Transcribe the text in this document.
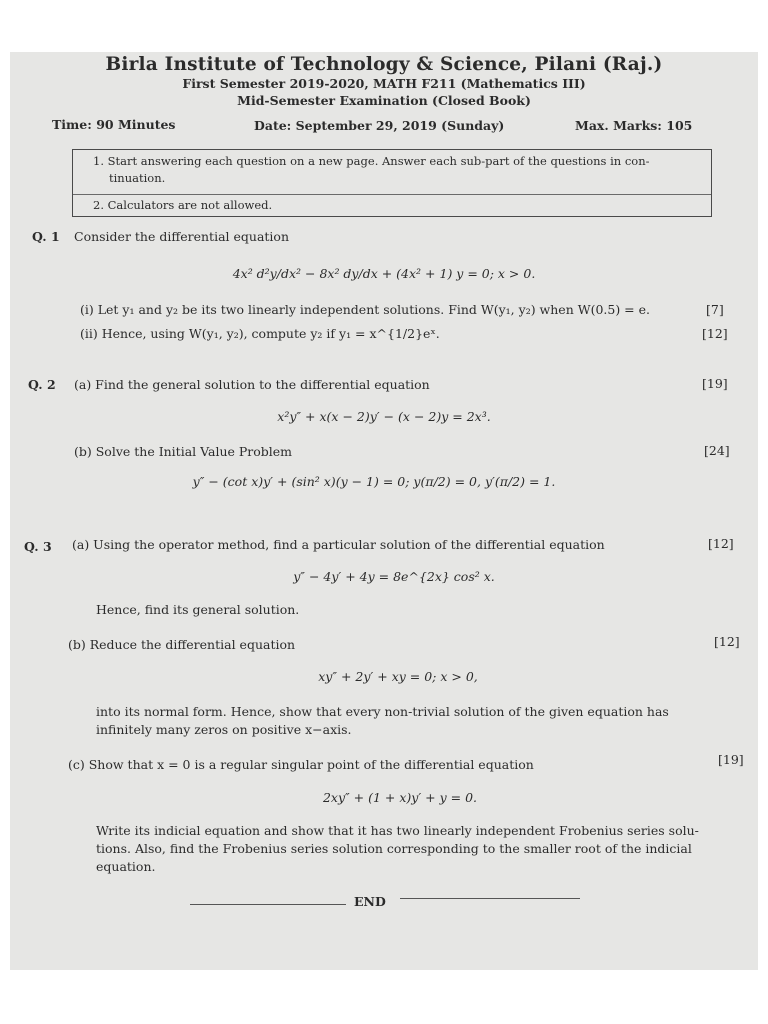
Birla Institute of Technology & Science, Pilani (Raj.)
First Semester 2019-2020, MATH F211 (Mathematics III)
Mid-Semester Examination (Closed Book)
Time: 90 Minutes	Date: September 29, 2019 (Sunday)	Max. Marks: 105
1. Start answering each question on a new page. Answer each sub-part of the questions in con-
tinuation.
2. Calculators are not allowed.
Q. 1 Consider the differential equation
4x² d²y/dx² − 8x² dy/dx + (4x² + 1) y = 0; x > 0.
(i) Let y₁ and y₂ be its two linearly independent solutions. Find W(y₁, y₂) when W(0.5) = e.	[7]
(ii) Hence, using W(y₁, y₂), compute y₂ if y₁ = x^{1/2}eˣ.	[12]
Q. 2 (a) Find the general solution to the differential equation	[19]
x²y″ + x(x − 2)y′ − (x − 2)y = 2x³.
(b) Solve the Initial Value Problem	[24]
y″ − (cot x)y′ + (sin² x)(y − 1) = 0; y(π/2) = 0, y′(π/2) = 1.
Q. 3 (a) Using the operator method, find a particular solution of the differential equation	[12]
y″ − 4y′ + 4y = 8e^{2x} cos² x.
Hence, find its general solution.
(b) Reduce the differential equation	[12]
xy″ + 2y′ + xy = 0; x > 0,
into its normal form. Hence, show that every non-trivial solution of the given equation has
infinitely many zeros on positive x−axis.
(c) Show that x = 0 is a regular singular point of the differential equation	[19]
2xy″ + (1 + x)y′ + y = 0.
Write its indicial equation and show that it has two linearly independent Frobenius series solu-
tions. Also, find the Frobenius series solution corresponding to the smaller root of the indicial
equation.
END
